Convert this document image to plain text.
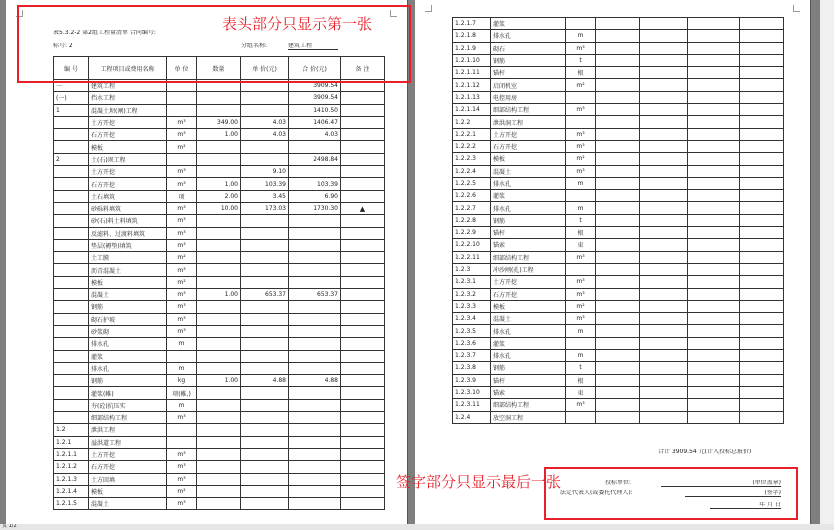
表5.3.2-2 第2组工程量清单 合同编号:
标号: 2	分组名称:	建筑工程
编 号	工程项目或费用名称	单 位	数量	单 价(元)	合 价(元)	备 注
一	建筑工程				3909.54	
(一)	挡水工程				3909.54	
1	混凝土坝(闸)工程				1410.50	
	土方开挖	m³	349.00	4.03	1406.47	
	石方开挖	m³	1.00	4.03	4.03	
	模板	m²				
2	土(石)坝工程				2498.84	
	土方开挖	m³		9.10		
	石方开挖	m³	1.00	103.39	103.39	
	土石填筑	项	2.00	3.45	6.90	
	砂砾料填筑	m³	10.00	173.03	1730.30	▲
	砂(石)料土料填筑	m³				
	反滤料、过渡料填筑	m³				
	垫层(褥垫)填筑	m³				
	土工膜	m²				
	沥青混凝土	m³				
	模板	m²				
	混凝土	m³	1.00	653.37	653.37	
	钢筋	m³				
	砌石护坡	m³				
	砂浆砌	m³				
	排水孔	m				
	灌浆					
	排水孔	m				
	钢筋	kg	1.00	4.88	4.88	
	灌浆(帷)	项(帷,)				
	夯(砼)抗压实	m				
	细部结构工程	m³				
1.2	泄洪工程					
1.2.1	溢洪道工程					
1.2.1.1	土方开挖	m³				
1.2.1.2	石方开挖	m³				
1.2.1.3	土方回填	m³				
1.2.1.4	模板	m²				
1.2.1.5	混凝土	m³				
1.2.1.7	灌浆					
1.2.1.8	排水孔	m				
1.2.1.9	砌石	m³				
1.2.1.10	钢筋	t				
1.2.1.11	锚杆	根				
1.2.1.12	启闭机室	m²				
1.2.1.13	电控用房					
1.2.1.14	细部结构工程	m³				
1.2.2	泄洪洞工程					
1.2.2.1	土方开挖	m³				
1.2.2.2	石方开挖	m³				
1.2.2.3	模板	m²				
1.2.2.4	混凝土	m³				
1.2.2.5	排水孔	m				
1.2.2.6	灌浆					
1.2.2.7	排水孔	m				
1.2.2.8	钢筋	t				
1.2.2.9	锚杆	根				
1.2.2.10	锚索	束				
1.2.2.11	细部结构工程	m³				
1.2.3	冲沙闸(孔)工程					
1.2.3.1	土方开挖	m³				
1.2.3.2	石方开挖	m³				
1.2.3.3	模板	m²				
1.2.3.4	混凝土	m³				
1.2.3.5	排水孔	m				
1.2.3.6	灌浆					
1.2.3.7	排水孔	m				
1.2.3.8	钢筋	t				
1.2.3.9	锚杆	根				
1.2.3.10	锚索	束				
1.2.3.11	细部结构工程	m³				
1.2.4	放空洞工程					
合计 3909.54 元(计入投标总报价)
投标单位:	(单位盖章)
法定代表人(或委托代理人):	(签字)
年 月 日
表头部分只显示第一张
签字部分只显示最后一张
页 1/2
